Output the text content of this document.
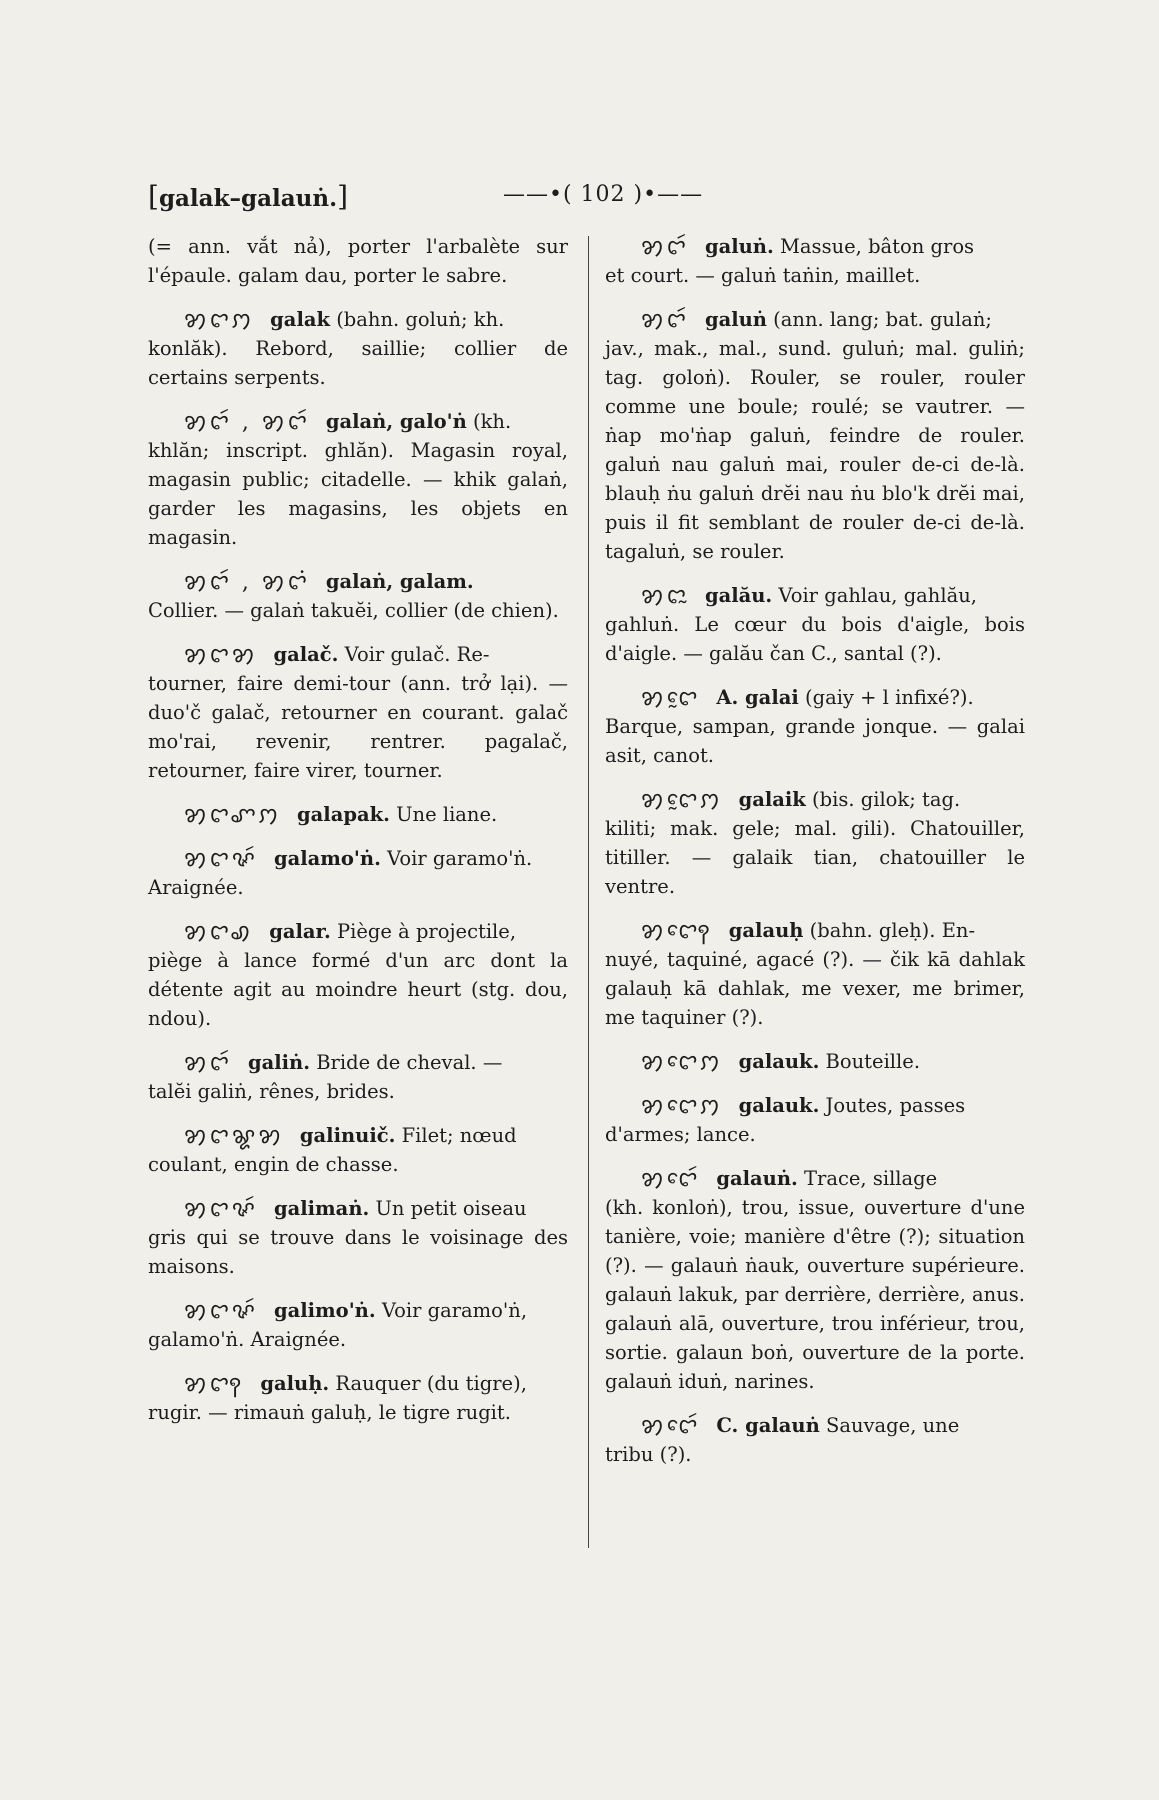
[galak–galauṅ.]	——•( 102 )•——
(= ann. vắt nả), porter l'arbalète sur l'épaule. galam dau, porter le sabre.
ꩄꨤꩀ galak (bahn. goluṅ; kh.
konlăk). Rebord, saillie; collier de certains serpents.
ꩄꨤꩃ , ꩄꨤꩃ galaṅ, galo'ṅ (kh.
khlăn; inscript. ghlăn). Magasin royal, magasin public; citadelle. — khik galaṅ, garder les magasins, les objets en magasin.
ꩄꨤꩃ , ꩄꨤꩌ galaṅ, galam.
Collier. — galaṅ takuĕi, collier (de chien).
ꩄꨤꩄ galač. Voir gulač. Re-
tourner, faire demi-tour (ann. trở lại). — duo'č galač, retourner en courant. galač mo'rai, revenir, rentrer. pagalač, retourner, faire virer, tourner.
ꩄꨤꨚꩀ galapak. Une liane.
ꩄꨤꨟꩃ galamo'ṅ. Voir garamo'ṅ.
Araignée.
ꩄꨤꩉ galar. Piège à projectile,
piège à lance formé d'un arc dont la détente agit au moindre heurt (stg. dou, ndou).
ꩄꨤꩃ galiṅ. Bride de cheval. —
talĕi galiṅ, rênes, brides.
ꩄꨤꨘꩄ galinuič. Filet; nœud
coulant, engin de chasse.
ꩄꨤꨟꩃ galimaṅ. Un petit oiseau
gris qui se trouve dans le voisinage des maisons.
ꩄꨤꨟꩃ galimo'ṅ. Voir garamo'ṅ,
galamo'ṅ. Araignée.
ꩄꨤꩍ galuḥ. Rauquer (du tigre),
rugir. — rimauṅ galuḥ, le tigre rugit.
ꩄꨤꩃ galuṅ. Massue, bâton gros
et court. — galuṅ taṅin, maillet.
ꩄꨤꩃ galuṅ (ann. lang; bat. gulaṅ;
jav., mak., mal., sund. guluṅ; mal. guliṅ; tag. goloṅ). Rouler, se rouler, rouler comme une boule; roulé; se vautrer. — ṅap mo'ṅap galuṅ, feindre de rouler. galuṅ nau galuṅ mai, rouler de-ci de-là. blauḥ ṅu galuṅ drĕi nau ṅu blo'k drĕi mai, puis il fit semblant de rouler de-ci de-là. tagaluṅ, se rouler.
ꩄꨤꨭ galău. Voir gahlau, gahlău,
gahluṅ. Le cœur du bois d'aigle, bois d'aigle. — galău čan C., santal (?).
ꩄꨤꨰ A. galai (gaiy + l infixé?).
Barque, sampan, grande jonque. — galai asit, canot.
ꩄꨤꨰꩀ galaik (bis. gilok; tag.
kiliti; mak. gele; mal. gili). Chatouiller, titiller. — galaik tian, chatouiller le ventre.
ꩄꨤꨯꩍ galauḥ (bahn. gleḥ). En-
nuyé, taquiné, agacé (?). — čik kā dahlak galauḥ kā dahlak, me vexer, me brimer, me taquiner (?).
ꩄꨤꨯꩀ galauk. Bouteille.
ꩄꨤꨯꩀ galauk. Joutes, passes
d'armes; lance.
ꩄꨤꨯꩃ galauṅ. Trace, sillage
(kh. konloṅ), trou, issue, ouverture d'une tanière, voie; manière d'être (?); situation (?). — galauṅ ṅauk, ouverture supérieure. galauṅ lakuk, par derrière, derrière, anus. galauṅ alā, ouverture, trou inférieur, trou, sortie. galaun boṅ, ouverture de la porte. galauṅ iduṅ, narines.
ꩄꨤꨯꩃ C. galauṅ Sauvage, une
tribu (?).
